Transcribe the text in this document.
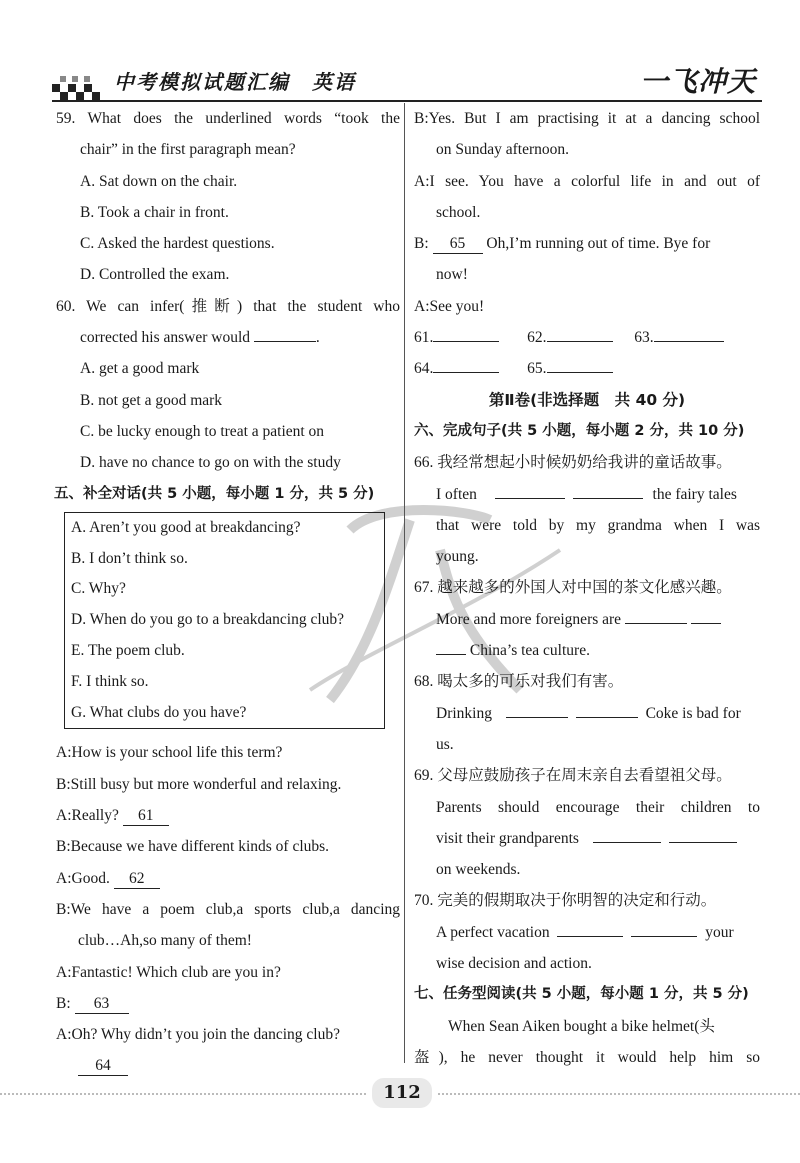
中考模拟试题汇编　英语	一飞冲天
59. What does the underlined words “took the
chair” in the first paragraph mean?
A. Sat down on the chair.
B. Took a chair in front.
C. Asked the hardest questions.
D. Controlled the exam.
60. We can infer(推断) that the student who
corrected his answer would	.
A. get a good mark
B. not get a good mark
C. be lucky enough to treat a patient on
D. have no chance to go on with the study
五、补全对话(共 5 小题，每小题 1 分，共 5 分)
A. Aren’t you good at breakdancing?
B. I don’t think so.
C. Why?
D. When do you go to a breakdancing club?
E. The poem club.
F. I think so.
G. What clubs do you have?
A:How is your school life this term?
B:Still busy but more wonderful and relaxing.
A:Really? 61
B:Because we have different kinds of clubs.
A:Good. 62
B:We have a poem club,a sports club,a dancing
club…Ah,so many of them!
A:Fantastic! Which club are you in?
B: 63
A:Oh? Why didn’t you join the dancing club?
64
B:Yes. But I am practising it at a dancing school
on Sunday afternoon.
A:I see. You have a colorful life in and out of
school.
B: 65 Oh,I’m running out of time. Bye for
now!
A:See you!
61.	62.	63.
64.	65.
第Ⅱ卷(非选择题　共 40 分)
六、完成句子(共 5 小题，每小题 2 分，共 10 分)
66. 我经常想起小时候奶奶给我讲的童话故事。
I often	the fairy tales
that were told by my grandma when I was
young.
67. 越来越多的外国人对中国的茶文化感兴趣。
More and more foreigners are
China’s tea culture.
68. 喝太多的可乐对我们有害。
Drinking	Coke is bad for
us.
69. 父母应鼓励孩子在周末亲自去看望祖父母。
Parents should encourage their children to
visit their grandparents
on weekends.
70. 完美的假期取决于你明智的决定和行动。
A perfect vacation	your
wise decision and action.
七、任务型阅读(共 5 小题，每小题 1 分，共 5 分)
When Sean Aiken bought a bike helmet(头
盔), he never thought it would help him so
112
